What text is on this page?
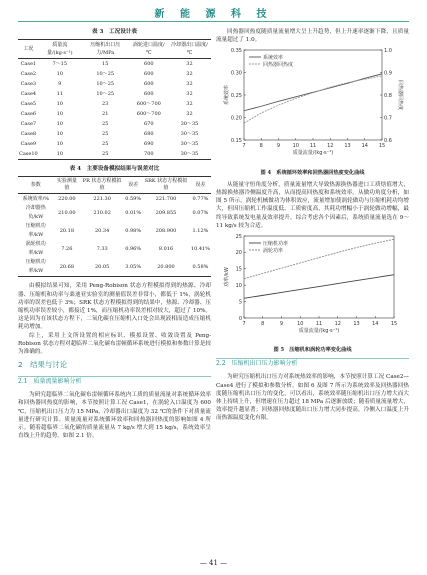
新 能 源 科 技
表 3　工况设计表
工况	质量流量/(kg·s⁻¹)	压缩机出口压力/MPa	涡轮进口温度/℃	冷却器出口温度/℃
Case1	7～15	15	600	32
Case2	10	10～25	600	32
Case3	9	10～25	600	32
Case4	11	10～25	600	32
Case5	10	23	600～700	32
Case6	10	21	600～700	32
Case7	10	25	670	30～35
Case8	10	25	680	30～35
Case9	10	25	690	30～35
Case10	10	25	700	30～35
表 4　主要设备模拟结果与误差对比
参数	实验测量值	PR 状态方程模拟值	误差	SRK 状态方程模拟值	误差
系统效率/%	220.00	221.30	0.59%	221.700	0.77%
冷却器热负/kW	210.00	210.02	0.01%	209.855	0.07%
压缩机功率/kW	20.18	20.34	0.98%	208.900	1.12%
涡轮机功率/kW	7.26	7.33	0.96%	8.016	10.41%
压缩机功率/kW	20.68	20.05	3.05%	20.800	0.58%

由模拟结果可知，采用 Peng-Robison 状态方程模拟得到的热源、冷却器、压缩机和功率与桑迪亚实验室的测量值误差非常小，都低于 1%，涡轮机功率的误差也低于 3%；SRK 状态方程模拟得到的结果中，热源、冷却器、压缩机功率误差较小，都接近 1%，而压缩机功率误差相对较大，超过了 10%。这是因为在该状态方程下，二氧化碳在压缩机入口处会出现液相而造成压缩机耗功增加。

综上，采用上文所设置的相应标识、模拟设置、收敛设置及 Peng-Robison 状态方程对超临界二氧化碳布雷顿循环系统进行模拟和参数计算是较为准确的。

2　结果与讨论
2.1　质量流量影响分析

为研究超临界二氧化碳布雷顿循环系统内工质的质量流量对系统循环效率和回热器回热度的影响，本节按照计算工况 Case1，在涡轮入口温度为 600 ℃，压缩机出口压力为 15 MPa，冷却器出口温度为 32 ℃的条件下对质量流量进行研究计算。质量流量对系统循环效率和回热器回热度的影响如图 4 所示。随着超临界二氧化碳的质量流量从 7 kg/s 增大到 15 kg/s，系统效率呈直线上升的趋势，如图 2.1 倍。

回热器回热度随质量流量增大呈上升趋势，但上升速率逐渐下降，且质量流量超过了 1.0。

7	8	9 10 11 12 13 14 15
0.15
0.20
0.25
0.30
0.35
0.6
0.7
0.8
0.9
1.0
回热器回热度
质量流量/(kg·s⁻¹)
系统效率
系统效率
回热器回热度
图 4　系统循环效率和回热器回热度变化曲线

从能量守恒角度分析，质量流量增大导致热源换热器进口工质焓值增大，热源换热器冷侧温度升高，从而提高回热度和系统效率。从做功角度分析，如图 5 所示，涡轮机械做功为体积效应，流量增加使涡轮做功与压缩机耗功均增大，但因压缩机工作温度低、工质密度高，其耗功增幅小于涡轮做功增幅，最终导致系统发电量及效率提升。综合考虑各个因素后，系统质量流量选在 9～11 kg/s 较为合适。

7	8	9	10 11 12 13 14 15
0
5
10
15
20
25
质量流量/(kg·s⁻¹)
功率/kW
压缩机功率
涡轮功率
图 5　压缩机和涡轮功率变化曲线
2.2　压缩机出口压力影响分析

为研究压缩机出口压力对系统热效率的影响，本节按照计算工况 Case2—Case4 进行了模拟和参数分析。如图 6 及图 7 所示为系统效率及回热器回热度随压缩机出口压力的变化，可以看出，系统效率随压缩机出口压力增大而大体上持续上升，但增速在压力超过 18 MPa 后逐渐放缓；随着质量流量增大，效率提升越显著；回热器回热度随出口压力增大同步提高，冷侧入口温度上升而热源温度变化有限。

— 41 —
